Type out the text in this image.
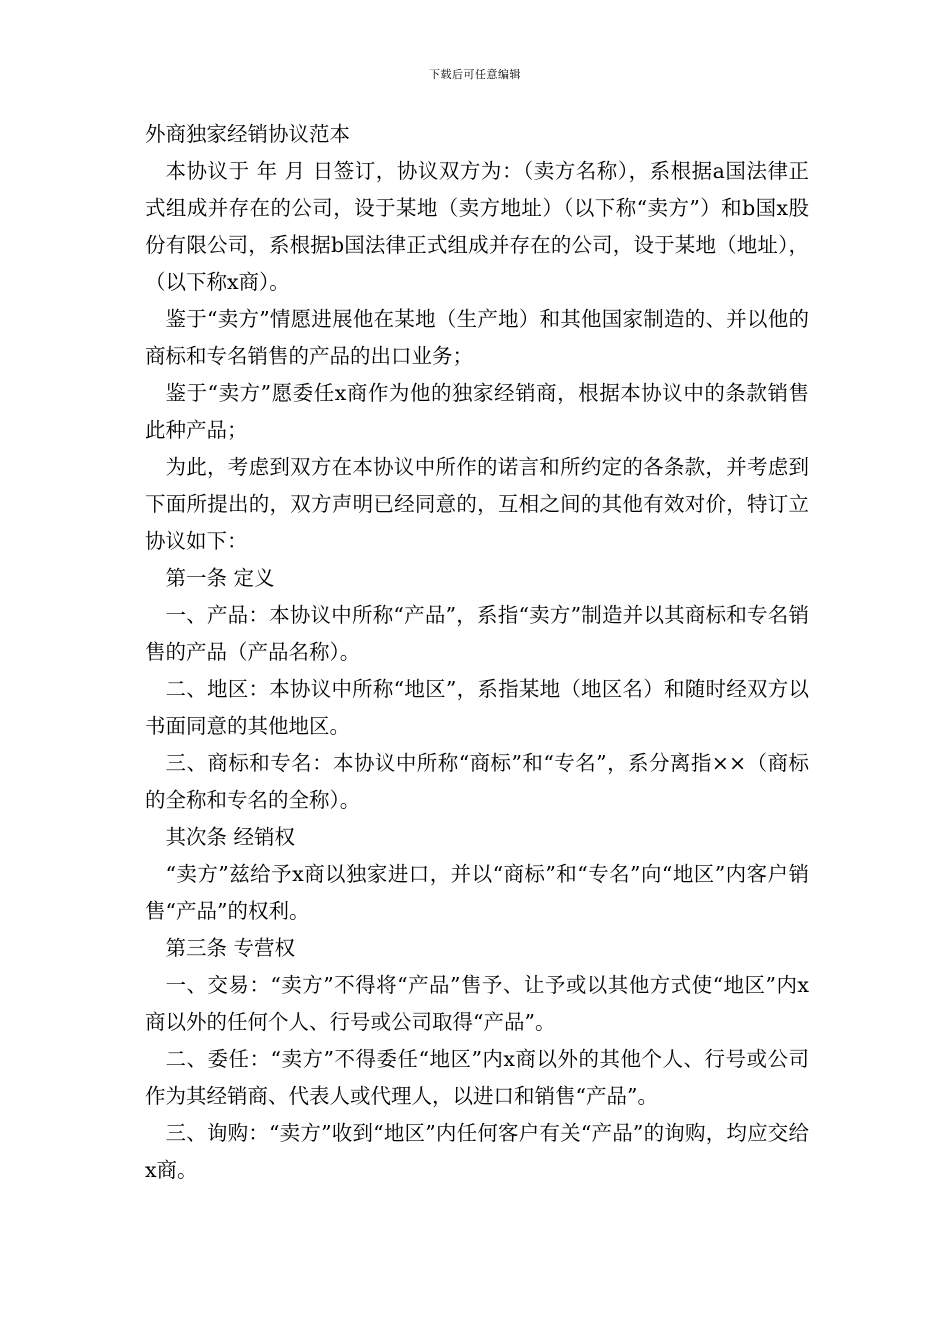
下载后可任意编辑
外商独家经销协议范本

本协议于 年 月 日签订，协议双方为：（卖方名称），系根据a国法律正式组成并存在的公司，设于某地（卖方地址）（以下称“卖方”）和b国x股份有限公司，系根据b国法律正式组成并存在的公司，设于某地（地址），（以下称x商）。

鉴于“卖方”情愿进展他在某地（生产地）和其他国家制造的、并以他的商标和专名销售的产品的出口业务；

鉴于“卖方”愿委任x商作为他的独家经销商，根据本协议中的条款销售此种产品；

为此，考虑到双方在本协议中所作的诺言和所约定的各条款，并考虑到下面所提出的，双方声明已经同意的，互相之间的其他有效对价，特订立协议如下：

第一条 定义

一、产品：本协议中所称“产品”，系指“卖方”制造并以其商标和专名销售的产品（产品名称）。

二、地区：本协议中所称“地区”，系指某地（地区名）和随时经双方以书面同意的其他地区。

三、商标和专名：本协议中所称“商标”和“专名”，系分离指××（商标的全称和专名的全称）。

其次条 经销权

“卖方”兹给予x商以独家进口，并以“商标”和“专名”向“地区”内客户销售“产品”的权利。

第三条 专营权

一、交易：“卖方”不得将“产品”售予、让予或以其他方式使“地区”内x商以外的任何个人、行号或公司取得“产品”。

二、委任：“卖方”不得委任“地区”内x商以外的其他个人、行号或公司作为其经销商、代表人或代理人，以进口和销售“产品”。

三、询购：“卖方”收到“地区”内任何客户有关“产品”的询购，均应交给x商。
